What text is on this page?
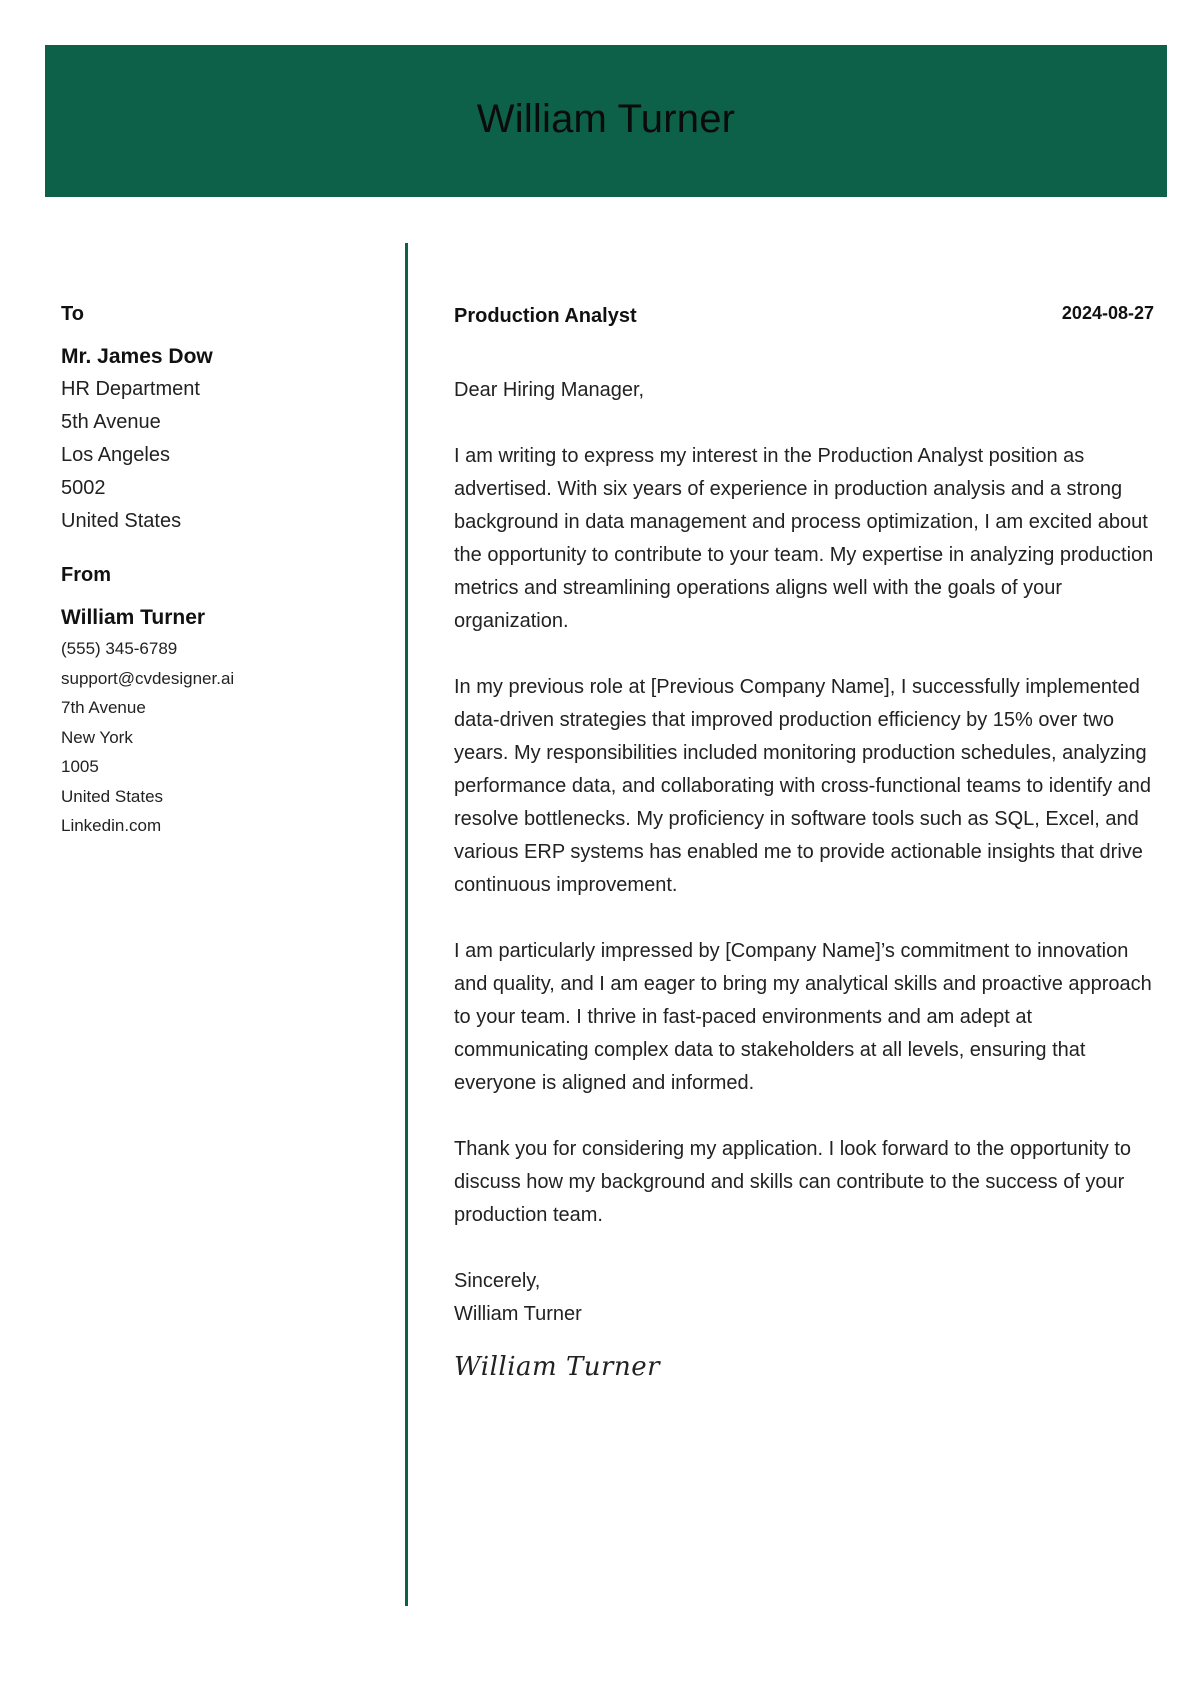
William Turner
To
Mr. James Dow
HR Department
5th Avenue
Los Angeles
5002
United States
From
William Turner
(555) 345-6789
support@cvdesigner.ai
7th Avenue
New York
1005
United States
Linkedin.com
Production Analyst	2024-08-27

Dear Hiring Manager,

I am writing to express my interest in the Production Analyst position as advertised. With six years of experience in production analysis and a strong background in data management and process optimization, I am excited about the opportunity to contribute to your team. My expertise in analyzing production metrics and streamlining operations aligns well with the goals of your organization.

In my previous role at [Previous Company Name], I successfully implemented data-driven strategies that improved production efficiency by 15% over two years. My responsibilities included monitoring production schedules, analyzing performance data, and collaborating with cross-functional teams to identify and resolve bottlenecks. My proficiency in software tools such as SQL, Excel, and various ERP systems has enabled me to provide actionable insights that drive continuous improvement.

I am particularly impressed by [Company Name]’s commitment to innovation and quality, and I am eager to bring my analytical skills and proactive approach to your team. I thrive in fast-paced environments and am adept at communicating complex data to stakeholders at all levels, ensuring that everyone is aligned and informed.

Thank you for considering my application. I look forward to the opportunity to discuss how my background and skills can contribute to the success of your production team.

Sincerely,
William Turner
William Turner
